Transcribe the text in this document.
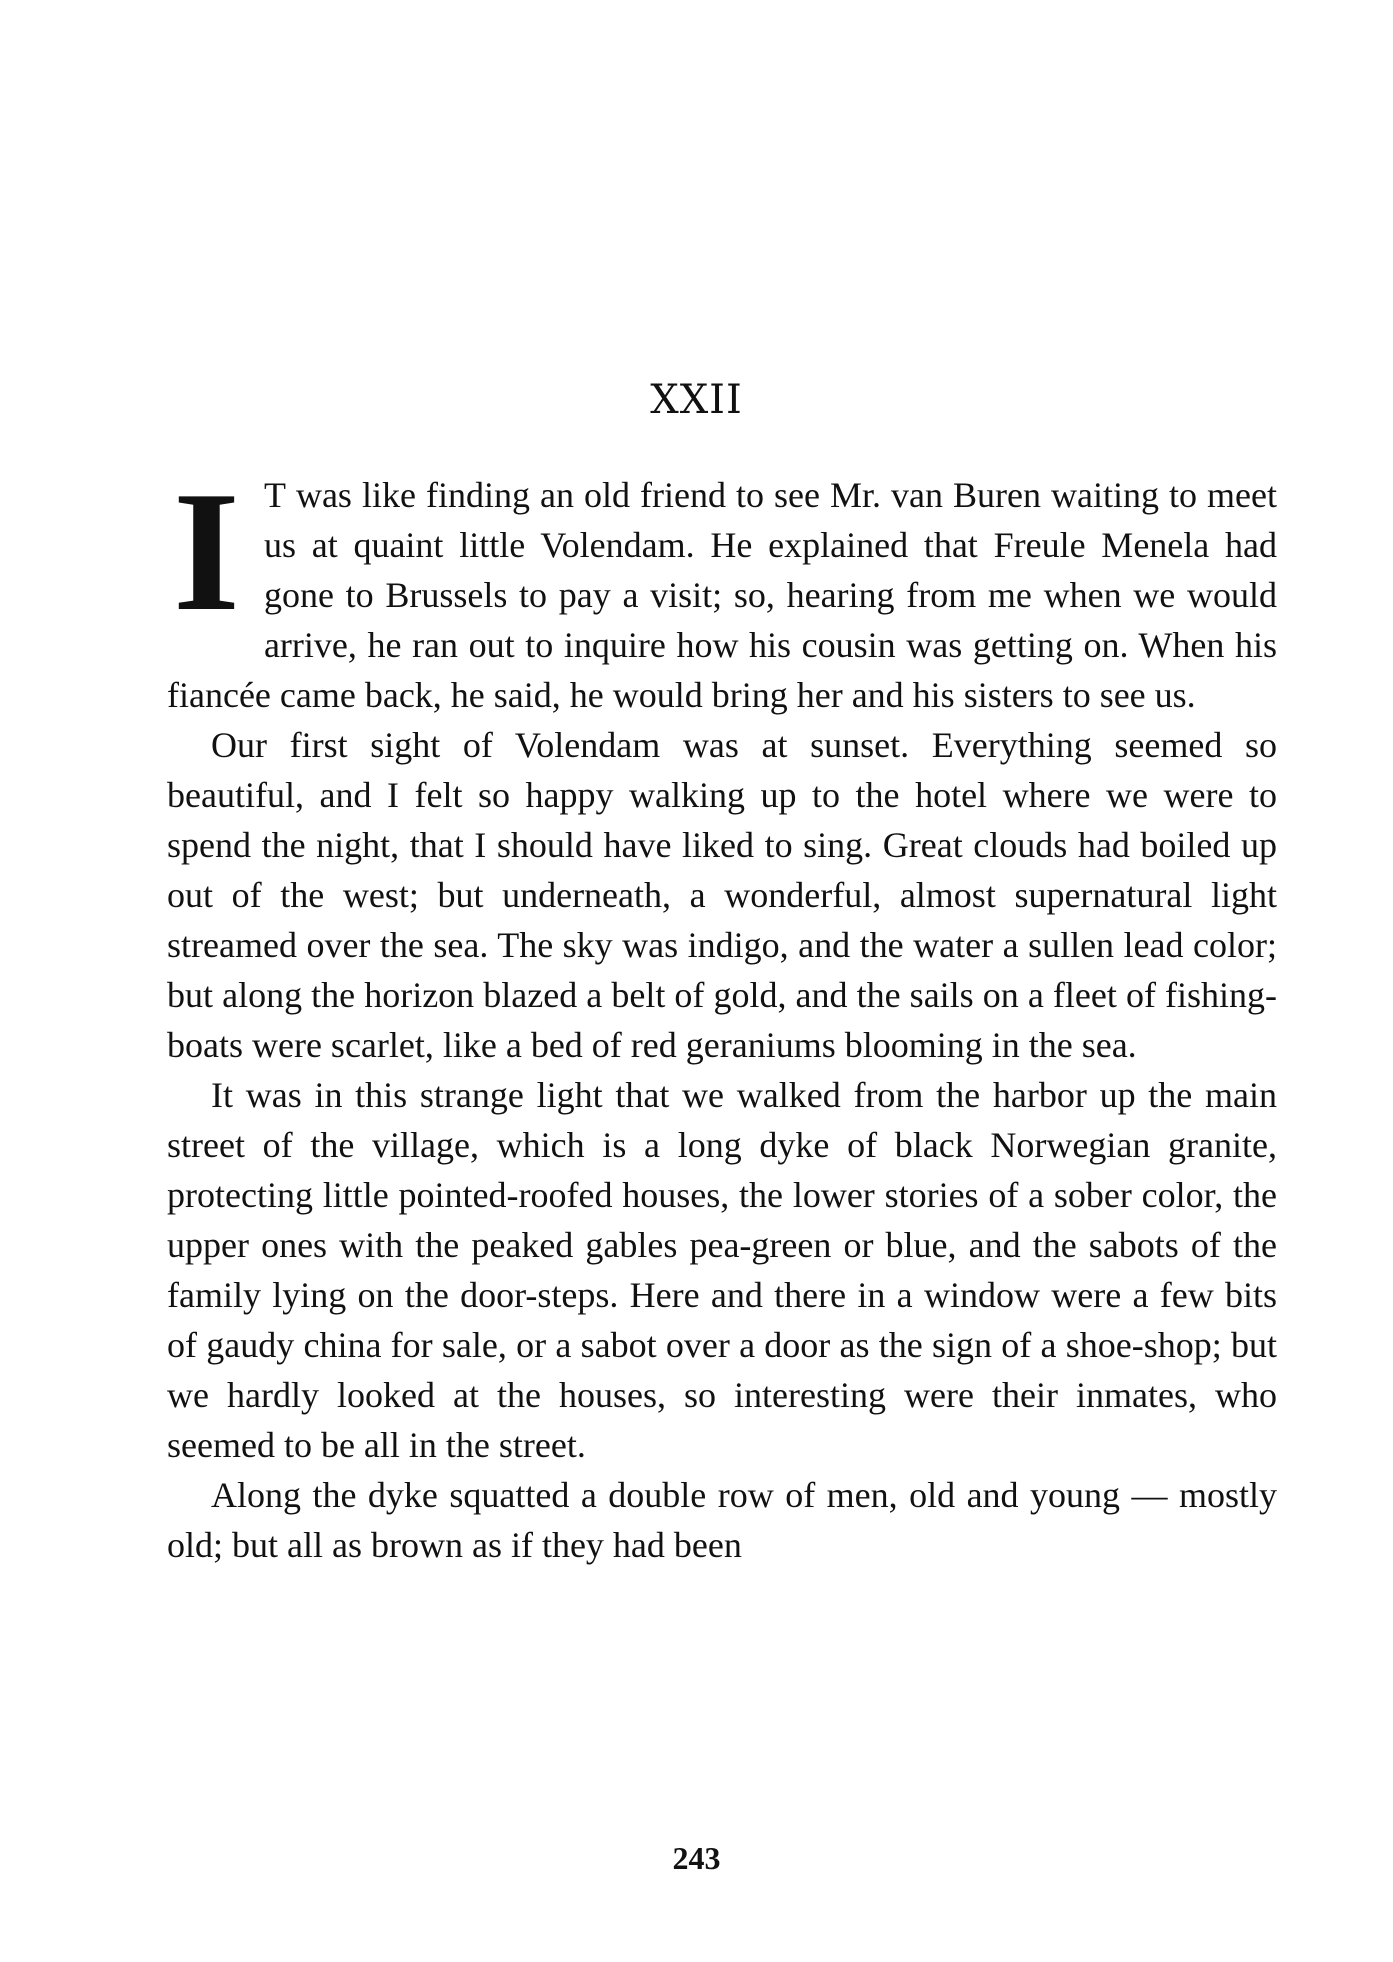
XXII

I T was like finding an old friend to see Mr. van Buren waiting to meet us at quaint little Volendam. He explained that Freule Menela had gone to Brussels to pay a visit; so, hearing from me when we would arrive, he ran out to inquire how his cousin was getting on. When his fiancée came back, he said, he would bring her and his sisters to see us.

Our first sight of Volendam was at sunset. Everything seemed so beautiful, and I felt so happy walking up to the hotel where we were to spend the night, that I should have liked to sing. Great clouds had boiled up out of the west; but underneath, a wonderful, almost supernatural light streamed over the sea. The sky was indigo, and the water a sullen lead color; but along the horizon blazed a belt of gold, and the sails on a fleet of fishing-boats were scarlet, like a bed of red geraniums blooming in the sea.

It was in this strange light that we walked from the harbor up the main street of the village, which is a long dyke of black Norwegian granite, protecting little pointed-roofed houses, the lower stories of a sober color, the upper ones with the peaked gables pea-green or blue, and the sabots of the family lying on the door-steps. Here and there in a window were a few bits of gaudy china for sale, or a sabot over a door as the sign of a shoe-shop; but we hardly looked at the houses, so interesting were their inmates, who seemed to be all in the street.

Along the dyke squatted a double row of men, old and young — mostly old; but all as brown as if they had been

243
